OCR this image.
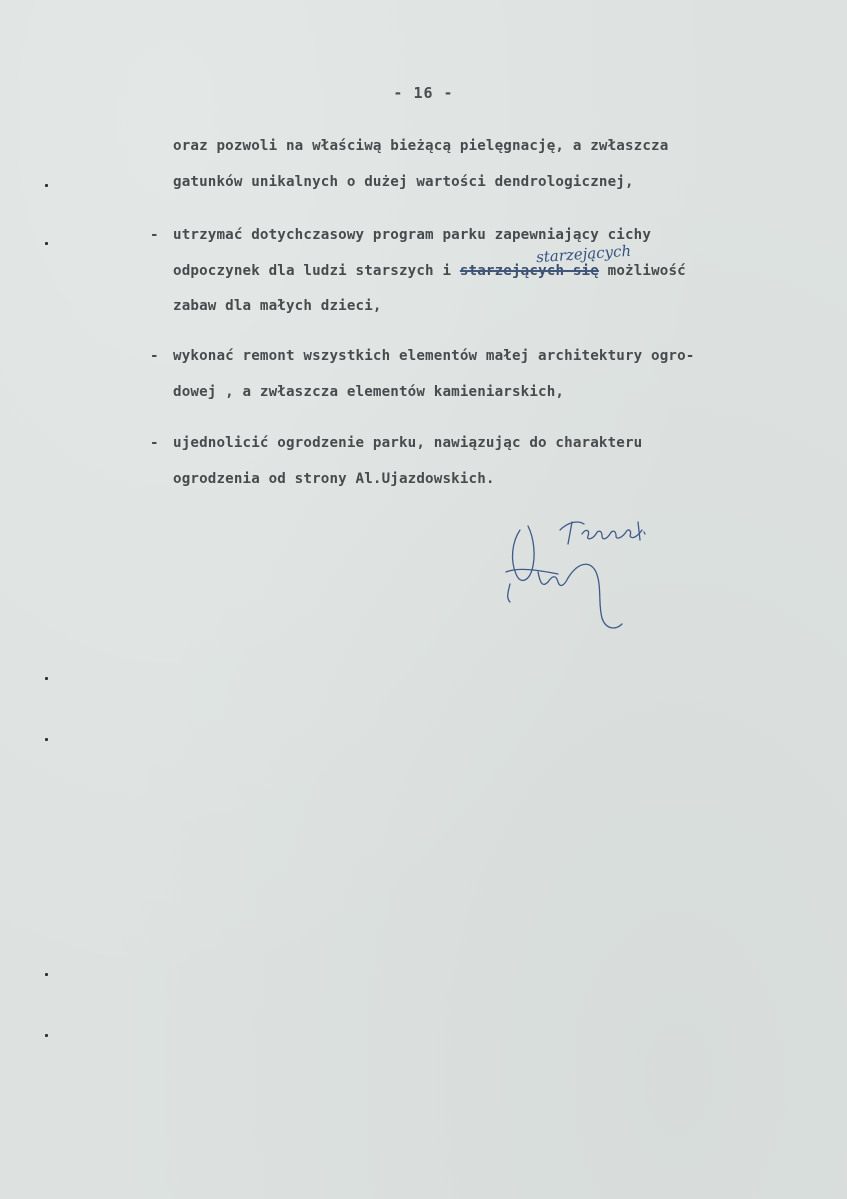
- 16 -
oraz pozwoli na właściwą bieżącą pielęgnację, a zwłaszcza
gatunków unikalnych o dużej wartości dendrologicznej,
- utrzymać dotychczasowy program parku zapewniający cichy
odpoczynek dla ludzi starszych i starzejących się możliwość
starzejących
zabaw dla małych dzieci,
- wykonać remont wszystkich elementów małej architektury ogro-
dowej , a zwłaszcza elementów kamieniarskich,
- ujednolicić ogrodzenie parku, nawiązując do charakteru
ogrodzenia od strony Al.Ujazdowskich.
